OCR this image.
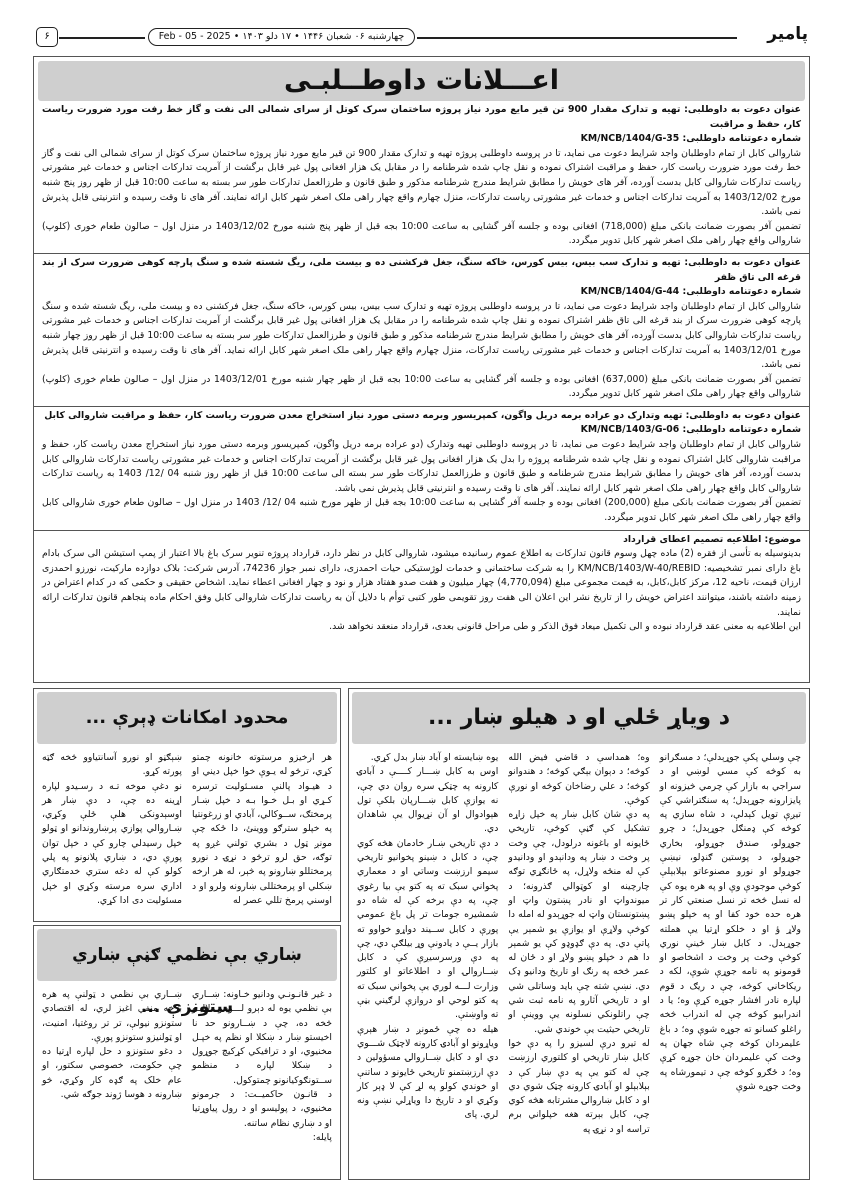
پامیر
چهارشنبه ۰۶ شعبان ۱۴۴۶ • ۱۷ دلو ۱۴۰۳ • Feb - 05 - 2025
۶
اعـــلانات داوطــلبـی

عنوان دعوت به داوطلبی: تهیه و تدارک مقدار 900 تن قیر مایع مورد نیاز پروژه ساختمان سرک کوتل از سرای شمالی الی نفت و گاز خط رفت مورد ضرورت ریاست کار، حفظ و مراقبت

شماره دعوتنامه داوطلبی: KM/NCB/1404/G-35

شاروالی کابل از تمام داوطلبان واجد شرایط دعوت می نماید، تا در پروسه داوطلبی پروژه تهیه و تدارک مقدار 900 تن قیر مایع مورد نیاز پروژه ساختمان سرک کوتل از سرای شمالی الی نفت و گاز خط رفت مورد ضرورت ریاست کار، حفظ و مراقبت اشتراک نموده و نقل چاپ شده شرطنامه را در مقابل یک هزار افغانی پول غیر قابل برگشت از آمریت تدارکات اجناس و خدمات غیر مشورتی ریاست تدارکات شاروالی کابل بدست آورده، آفر های خویش را مطابق شرایط مندرج شرطنامه مذکور و طبق قانون و طرزالعمل تدارکات طور سر بسته به ساعت 10:00 قبل از ظهر روز پنج شنبه مورخ 1403/12/02 به آمریت تدارکات اجناس و خدمات غیر مشورتی ریاست تدارکات، منزل چهارم واقع چهار راهی ملک اصغر شهر کابل ارائه نمایند. آفر های نا وقت رسیده و انترنیتی قابل پذیرش نمی باشد.

تضمین آفر بصورت ضمانت بانکی مبلغ (718,000) افغانی بوده و جلسه آفر گشایی به ساعت 10:00 بجه قبل از ظهر پنج شنبه مورخ 1403/12/02 در منزل اول – صالون طعام خوری (کلوپ) شاروالی واقع چهار راهی ملک اصغر شهر کابل تدویر میگردد.

عنوان دعوت به داوطلبی: تهیه و تدارک سب بیس، بیس کورس، خاکه سنگ، جغل فرکشنی ده و بیست ملی، ریگ شسته شده و سنگ پارچه کوهی ضرورت سرک از بند قرغه الی تاق ظفر

شماره دعوتنامه داوطلبی: KM/NCB/1404/G-44

شاروالی کابل از تمام داوطلبان واجد شرایط دعوت می نماید، تا در پروسه داوطلبی پروژه تهیه و تدارک سب بیس، بیس کورس، خاکه سنگ، جغل فرکشنی ده و بیست ملی، ریگ شسته شده و سنگ پارچه کوهی ضرورت سرک از بند قرغه الی تاق ظفر اشتراک نموده و نقل چاپ شده شرطنامه را در مقابل یک هزار افغانی پول غیر قابل برگشت از آمریت تدارکات اجناس و خدمات غیر مشورتی ریاست تدارکات شاروالی کابل بدست آورده، آفر های خویش را مطابق شرایط مندرج شرطنامه مذکور و طبق قانون و طرزالعمل تدارکات طور سر بسته به ساعت 10:00 قبل از ظهر روز چهار شنبه مورخ 1403/12/01 به آمریت تدارکات اجناس و خدمات غیر مشورتی ریاست تدارکات، منزل چهارم واقع چهار راهی ملک اصغر شهر کابل ارائه نماید. آفر های نا وقت رسیده و انترنیتی قابل پذیرش نمی باشد.

تضمین آفر بصورت ضمانت بانکی مبلغ (637,000) افغانی بوده و جلسه آفر گشایی به ساعت 10:00 بجه قبل از ظهر چهار شنبه مورخ 1403/12/01 در منزل اول – صالون طعام خوری (کلوپ) شاروالی واقع چهار راهی ملک اصغر شهر کابل تدویر میگردد.

عنوان دعوت به داوطلبی: تهیه وتدارک دو عراده برمه دریل واگون، کمپریسور وبرمه دستی مورد نیاز استخراج معدن ضرورت ریاست کار، حفظ و مراقبت شاروالی کابل

شماره دعوتنامه داوطلبی: KM/NCB/1403/G-06

شاروالی کابل از تمام داوطلبان واجد شرایط دعوت می نماید، تا در پروسه داوطلبی تهیه وتدارک (دو عراده برمه دریل واگون، کمپریسور وبرمه دستی مورد نیاز استخراج معدن ریاست کار، حفظ و مراقبت شاروالی کابل اشتراک نموده و نقل چاپ شده شرطنامه پروژه را بدل یک هزار افغانی پول غیر قابل برگشت از آمریت تدارکات اجناس و خدمات غیر مشورتی ریاست تدارکات شاروالی کابل بدست آورده، آفر های خویش را مطابق شرایط مندرج شرطنامه و طبق قانون و طرزالعمل تدارکات طور سر بسته الی ساعت 10:00 قبل از ظهر روز شنبه 04 /12/ 1403 به ریاست تدارکات شاروالی کابل واقع چهار راهی ملک اصغر شهر کابل ارائه نمایند. آفر های نا وقت رسیده و انترنیتی قابل پذیرش نمی باشد.

تضمین آفر بصورت ضمانت بانکی مبلغ (200,000) افغانی بوده و جلسه آفر گشایی به ساعت 10:00 بجه قبل از ظهر مورخ شنبه 04 /12/ 1403 در منزل اول – صالون طعام خوری شاروالی کابل واقع چهار راهی ملک اصغر شهر کابل تدویر میگردد.

موضوع: اطلاعیه تصمیم اعطای قرارداد

بدینوسیله به تأسی از فقره (2) ماده چهل وسوم قانون تدارکات به اطلاع عموم رسانیده میشود، شاروالی کابل در نظر دارد، قرارداد پروژه تنویر سرک باغ بالا اعتبار از پمپ استیشن الی سرک بادام باغ دارای نمبر تشخیصیه: KM/NCB/1403/W-40/REBID را به شرکت ساختمانی و خدمات لوژستیکی حیات احمدزی، دارای نمبر جواز 74236، آدرس شرکت: بلاک دوازده مارکیت، نورزو احمدزی ارزان قیمت، ناحیه 12، مرکز کابل،کابل، به قیمت مجموعی مبلغ (4,770,094) چهار میلیون و هفت صدو هفتاد هزار و نود و چهار افغانی اعطاء نماید. اشخاص حقیقی و حکمی که در کدام اعتراض در زمینه داشته باشند، میتوانند اعتراض خویش را از تاریخ نشر این اعلان الی هفت روز تقویمی طور کتبی توأم با دلایل آن به ریاست تدارکات شاروالی کابل وفق احکام ماده پنجاهم قانون تدارکات ارائه نمایند.

این اطلاعیه به معنی عقد قرارداد نبوده و الی تکمیل میعاد فوق الذکر و طی مراحل قانونی بعدی، قرارداد منعقد نخواهد شد.

د وياړ ځلي او د هيلو ښار ...
چې وسلي پکې جوړېدلې؛ د مسګرانو به کوڅه کې مسي لوښي او د سراجي به بازار کې چرمي څیزونه او پایزارونه جوړېدل؛ په سنګتراشي کې تیږې تویل کېدلې، د شاه سازي په کوڅه کې ډمنګل جوړېدل؛ د چرو جوړولو، صندق جوړولو، بخاري جوړولو، د پوستين ګنډلو، نيښې جوړولو او نورو مصنوعاتو بېلابېلې کوڅې موجودې وې او په هره يوه کې له نسل څخه تر نسل صنعتي کار تر هره حده خود کفا او په خپلو پښو ولاړ ؤ او د خلکو اړتیا يې هملته جوړېدل. د کابل ښار ځينې نوري کوڅې وخت پر وخت د اشخاصو او قومونو په نامه جوړې شوې، لکه د ریکاخاني کوڅه، چې د ريګ د قوم لپاره نادر افشار جوړه کړې وه؛ یا د اندرابيو کوڅه چې له اندراب څخه راغلو کسانو ته جوړه شوې وه؛ د باغ عليمردان کوڅه چې شاه جهان په وخت کې علیمردان خان جوړه کړې وه؛ د ځګرو کوڅه چې د تيمورشاه په وخت جوړه شوې
وه؛ همداسې د قاضي فيض الله کوڅه؛ د دېوان بېګي کوڅه؛ د هندوانو کوڅه؛ د علي رضاخان کوڅه او نورې کوڅې.
په دې شان کابل ښار په خپل زاړه تشکيل کې ګڼې کوڅې، تاريخي ځايونه او باغونه درلودل، چې وخت پر وخت د ښار په ودانېدو او ودانيدو کې له منځه ولاړل، په ځانګړي توګه چارچينه او کوټوالي ګذرونه؛ د ميوندواټ او نادر پښتون واټ او پښتونستان واټ له جوړېدو له امله دا کوڅې ولاړې او يوازې يو شمېر يې پاتې دي. په دې ګډوډو کې يو شمېر دا هم د خپلو پښو ولاړ او د ځان له عمر څخه په رنګ او تاريخ ودانيو ډک دي. نښې شته چې بايد وساتلی شي او د تاريخي آثارو په نامه ثبت شي چې راتلونکي نسلونه يې ووينې او تاريخي حيثيت يې خوندي شي.
له تيرو درې لسيزو را په دې خوا کابل ښار تاريخي او کلتوري ارزښت چې له کتو يې په دې ښار کې د بېلابېلو او آبادۍ کارونه چټک شوي دي او د کابل ښاروالۍ مشرتابه هڅه کوي چې، کابل بېرته هغه خپلواني برم تراسه او د نړۍ په
يوه ښايسته او آباد ښار بدل کړي.
اوس به کابل ښـــار کــــې د آبادۍ کارونه په چټکۍ سره روان دي چې، نه يوازې کابل ښـــارپان بلکې تول هېوادوال او آن نړيوال يې شاهدان دي.
د دې تاريخي ښـار خادمان هڅه کوي چې، د کابل د ښينو پخوانيو تاريخي سيمو ارزښت وساتي او د معماري پخواني سبک ته په کتو يې بيا رغوي چې، په دې برخه کې له شاه دو شمشيره جومات تر پل باغ عمومي پورې د کابل ســيند دواړو خواوو ته بازار يــې د يادونې وړ بيلګې دي، چې په دې ورسرسيږې کې د کابل ښــاروالۍ او د اطلاعاتو او کلتور وزارت لـــه لوري يې پخواني سبک ته په کتو لوحي او دروازې لرګيني بڼې ته واوښتې.
هيله ده چې ځمونږ د ښار هېرې وياړونو او آبادۍ کارونه لاچټک شـــوي دي او د کابل ښــاروالۍ مسؤولين د دې ارزښتمنو تاريخي ځايونو د ساتنې او خوندي کولو په لړ کې لا ډېر کار وکړي او د تاريخ دا وياړلي نښې ونه لري. پای
محدود امکانات ډېرې ...
هر ارخیزو مرستوته خانونه چمتو کړي، ترڅو له يـوې خوا خپل دیني او د هيـواد پالنې مسـئولیت ترسره کـړي او بـل خـوا بـه د خپل ښـار پرمختګ، ســوکالي، آبادي او زرغونتيا په خپلو سترګو ووينئ، دا ځکه چې مونږ ټول د بشري تولني غږو په توګه، حق لرو ترڅو د نړۍ د نورو پرمختللو ښارونو په څېر، له هر ارخه ښکلي او پرمختللی ښارونه ولرو او د اوسني پرمخ تللي عصر له
ښېګڼو او نورو آسانتياوو څخه ګټه پورته کړو.
نو دغې موخه تـه د رسـيدو لپاره اړینه ده چې، د دې ښار هر اوسېدونکی هلې ځلې وکړي، ښـاروالي پوازي پرښاروندانو او ټولو خپل رسيدلي چارو کې د خپل توان پورې دي، د ښاري پلانونو په پلي کولو کې له دغه ستري خدمتګاري اداري سره مرسته وکړي او خپل مسئولیت دی ادا کړي.
ښاري بې نظمي ګڼې ښاري ستونزې ...
د غیر قانـونـي ودانيو خـاونه: ښــاري بې نظمي يوه له دېرو لـــويـو دلاليـو څخه ده، چې د ښــارونو حد نا اخیستو ښار د ښکلا او نظم په خپـل مخنيوي، او د ترافيکي کړکيچ جوړول د ښکلا لپاره د منظمو ســتونګوکيانونو چمتوکول.
د قانـون حاکميــت: د جرمونو مخنيوي، د پوليسو او د رول پياوړتيا او د ښاري نظام ساتنه.
پایله:
ښــاري بې نظمي د ټولنې په هره برخه منفي اغيز لري، له اقتصادي ستونزو نيولې، تر تر روغتيا، امنيت، او ټولنيزو ستونزو پورې.
د دغو ستونزو د حل لپاره اړتيا ده چې حکومت، خصوصي سکتور، او عام خلک په ګډه کار وکړي، څو ښارونه د هوسا ژوند جوګه شي.
